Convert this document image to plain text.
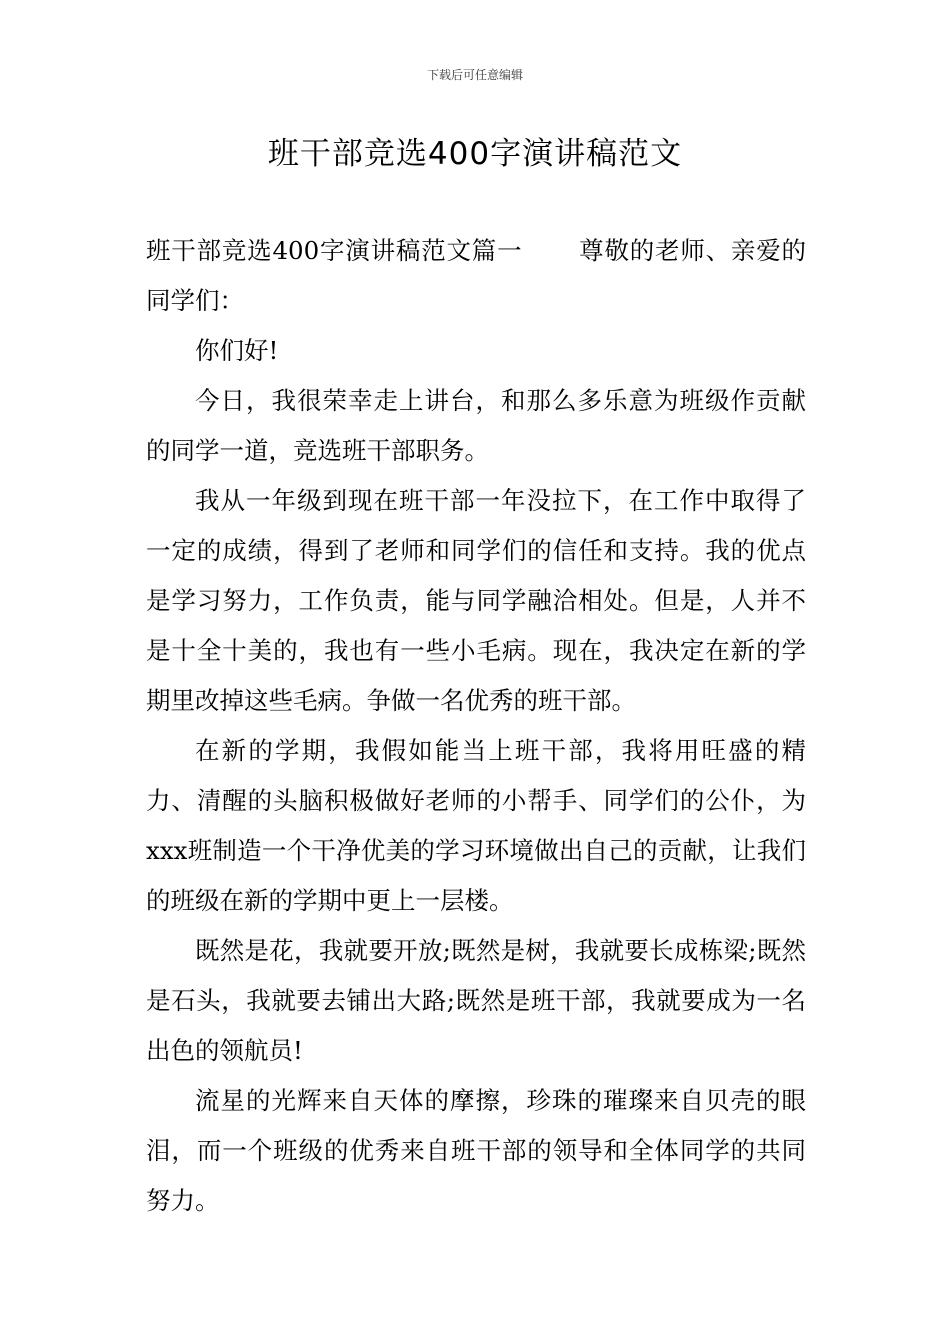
下载后可任意编辑
班干部竞选400字演讲稿范文

班干部竞选400字演讲稿范文篇一 尊敬的老师、亲爱的同学们：

你们好!

今日，我很荣幸走上讲台，和那么多乐意为班级作贡献的同学一道，竞选班干部职务。

我从一年级到现在班干部一年没拉下，在工作中取得了一定的成绩，得到了老师和同学们的信任和支持。我的优点是学习努力，工作负责，能与同学融洽相处。但是，人并不是十全十美的，我也有一些小毛病。现在，我决定在新的学期里改掉这些毛病。争做一名优秀的班干部。

在新的学期，我假如能当上班干部，我将用旺盛的精力、清醒的头脑积极做好老师的小帮手、同学们的公仆，为xxx班制造一个干净优美的学习环境做出自己的贡献，让我们的班级在新的学期中更上一层楼。

既然是花，我就要开放;既然是树，我就要长成栋梁;既然是石头，我就要去铺出大路;既然是班干部，我就要成为一名出色的领航员!

流星的光辉来自天体的摩擦，珍珠的璀璨来自贝壳的眼泪，而一个班级的优秀来自班干部的领导和全体同学的共同努力。
